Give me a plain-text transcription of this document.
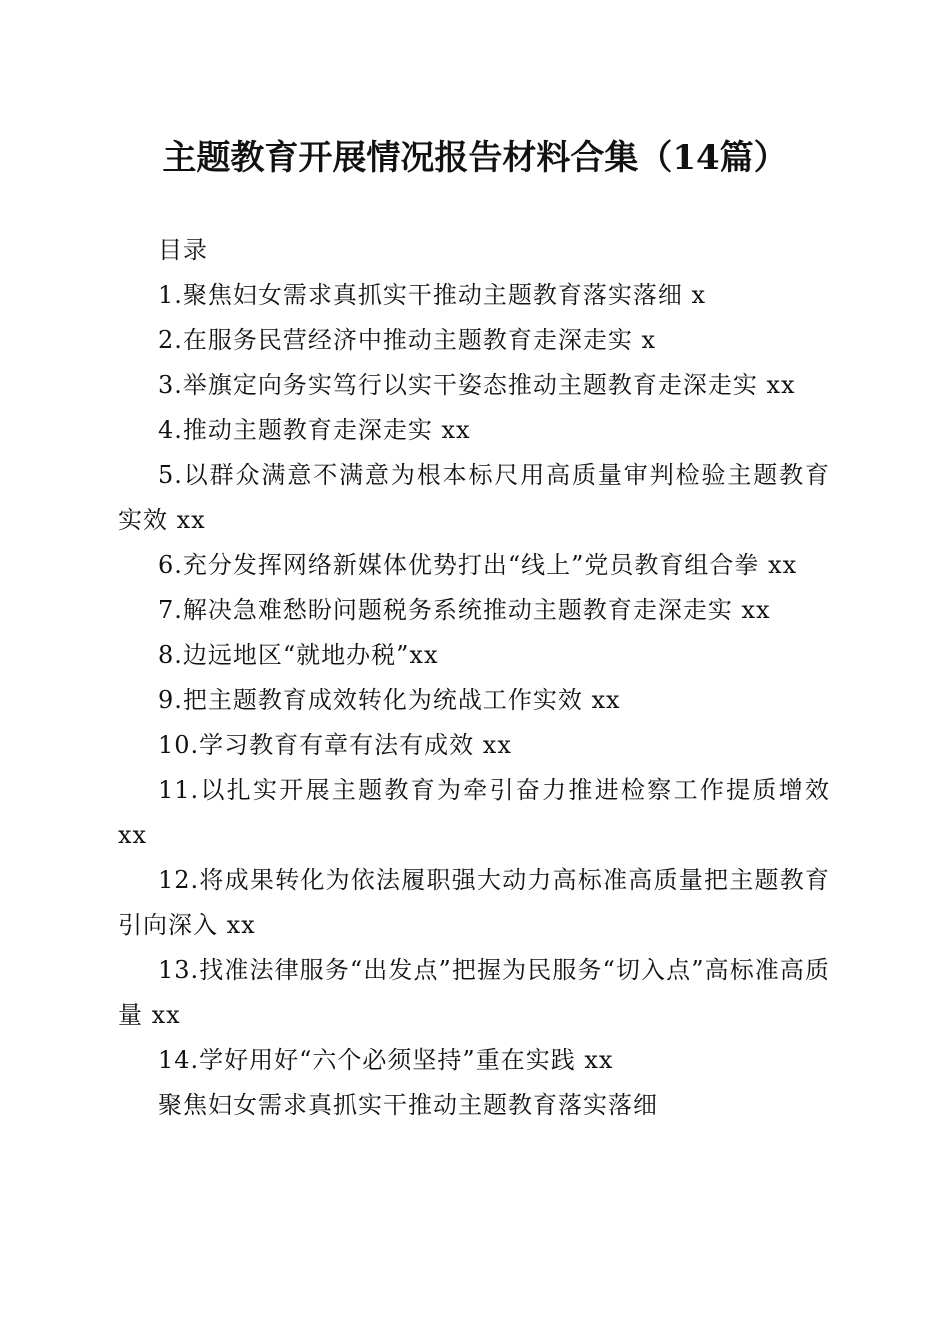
主题教育开展情况报告材料合集（14篇）

目录

1.聚焦妇女需求真抓实干推动主题教育落实落细 x

2.在服务民营经济中推动主题教育走深走实 x

3.举旗定向务实笃行以实干姿态推动主题教育走深走实 xx

4.推动主题教育走深走实 xx

5.以群众满意不满意为根本标尺用高质量审判检验主题教育实效 xx

6.充分发挥网络新媒体优势打出“线上”党员教育组合拳 xx

7.解决急难愁盼问题税务系统推动主题教育走深走实 xx

8.边远地区“就地办税”xx

9.把主题教育成效转化为统战工作实效 xx

10.学习教育有章有法有成效 xx

11.以扎实开展主题教育为牵引奋力推进检察工作提质增效 xx

12.将成果转化为依法履职强大动力高标准高质量把主题教育引向深入 xx

13.找准法律服务“出发点”把握为民服务“切入点”高标准高质量 xx

14.学好用好“六个必须坚持”重在实践 xx

聚焦妇女需求真抓实干推动主题教育落实落细
